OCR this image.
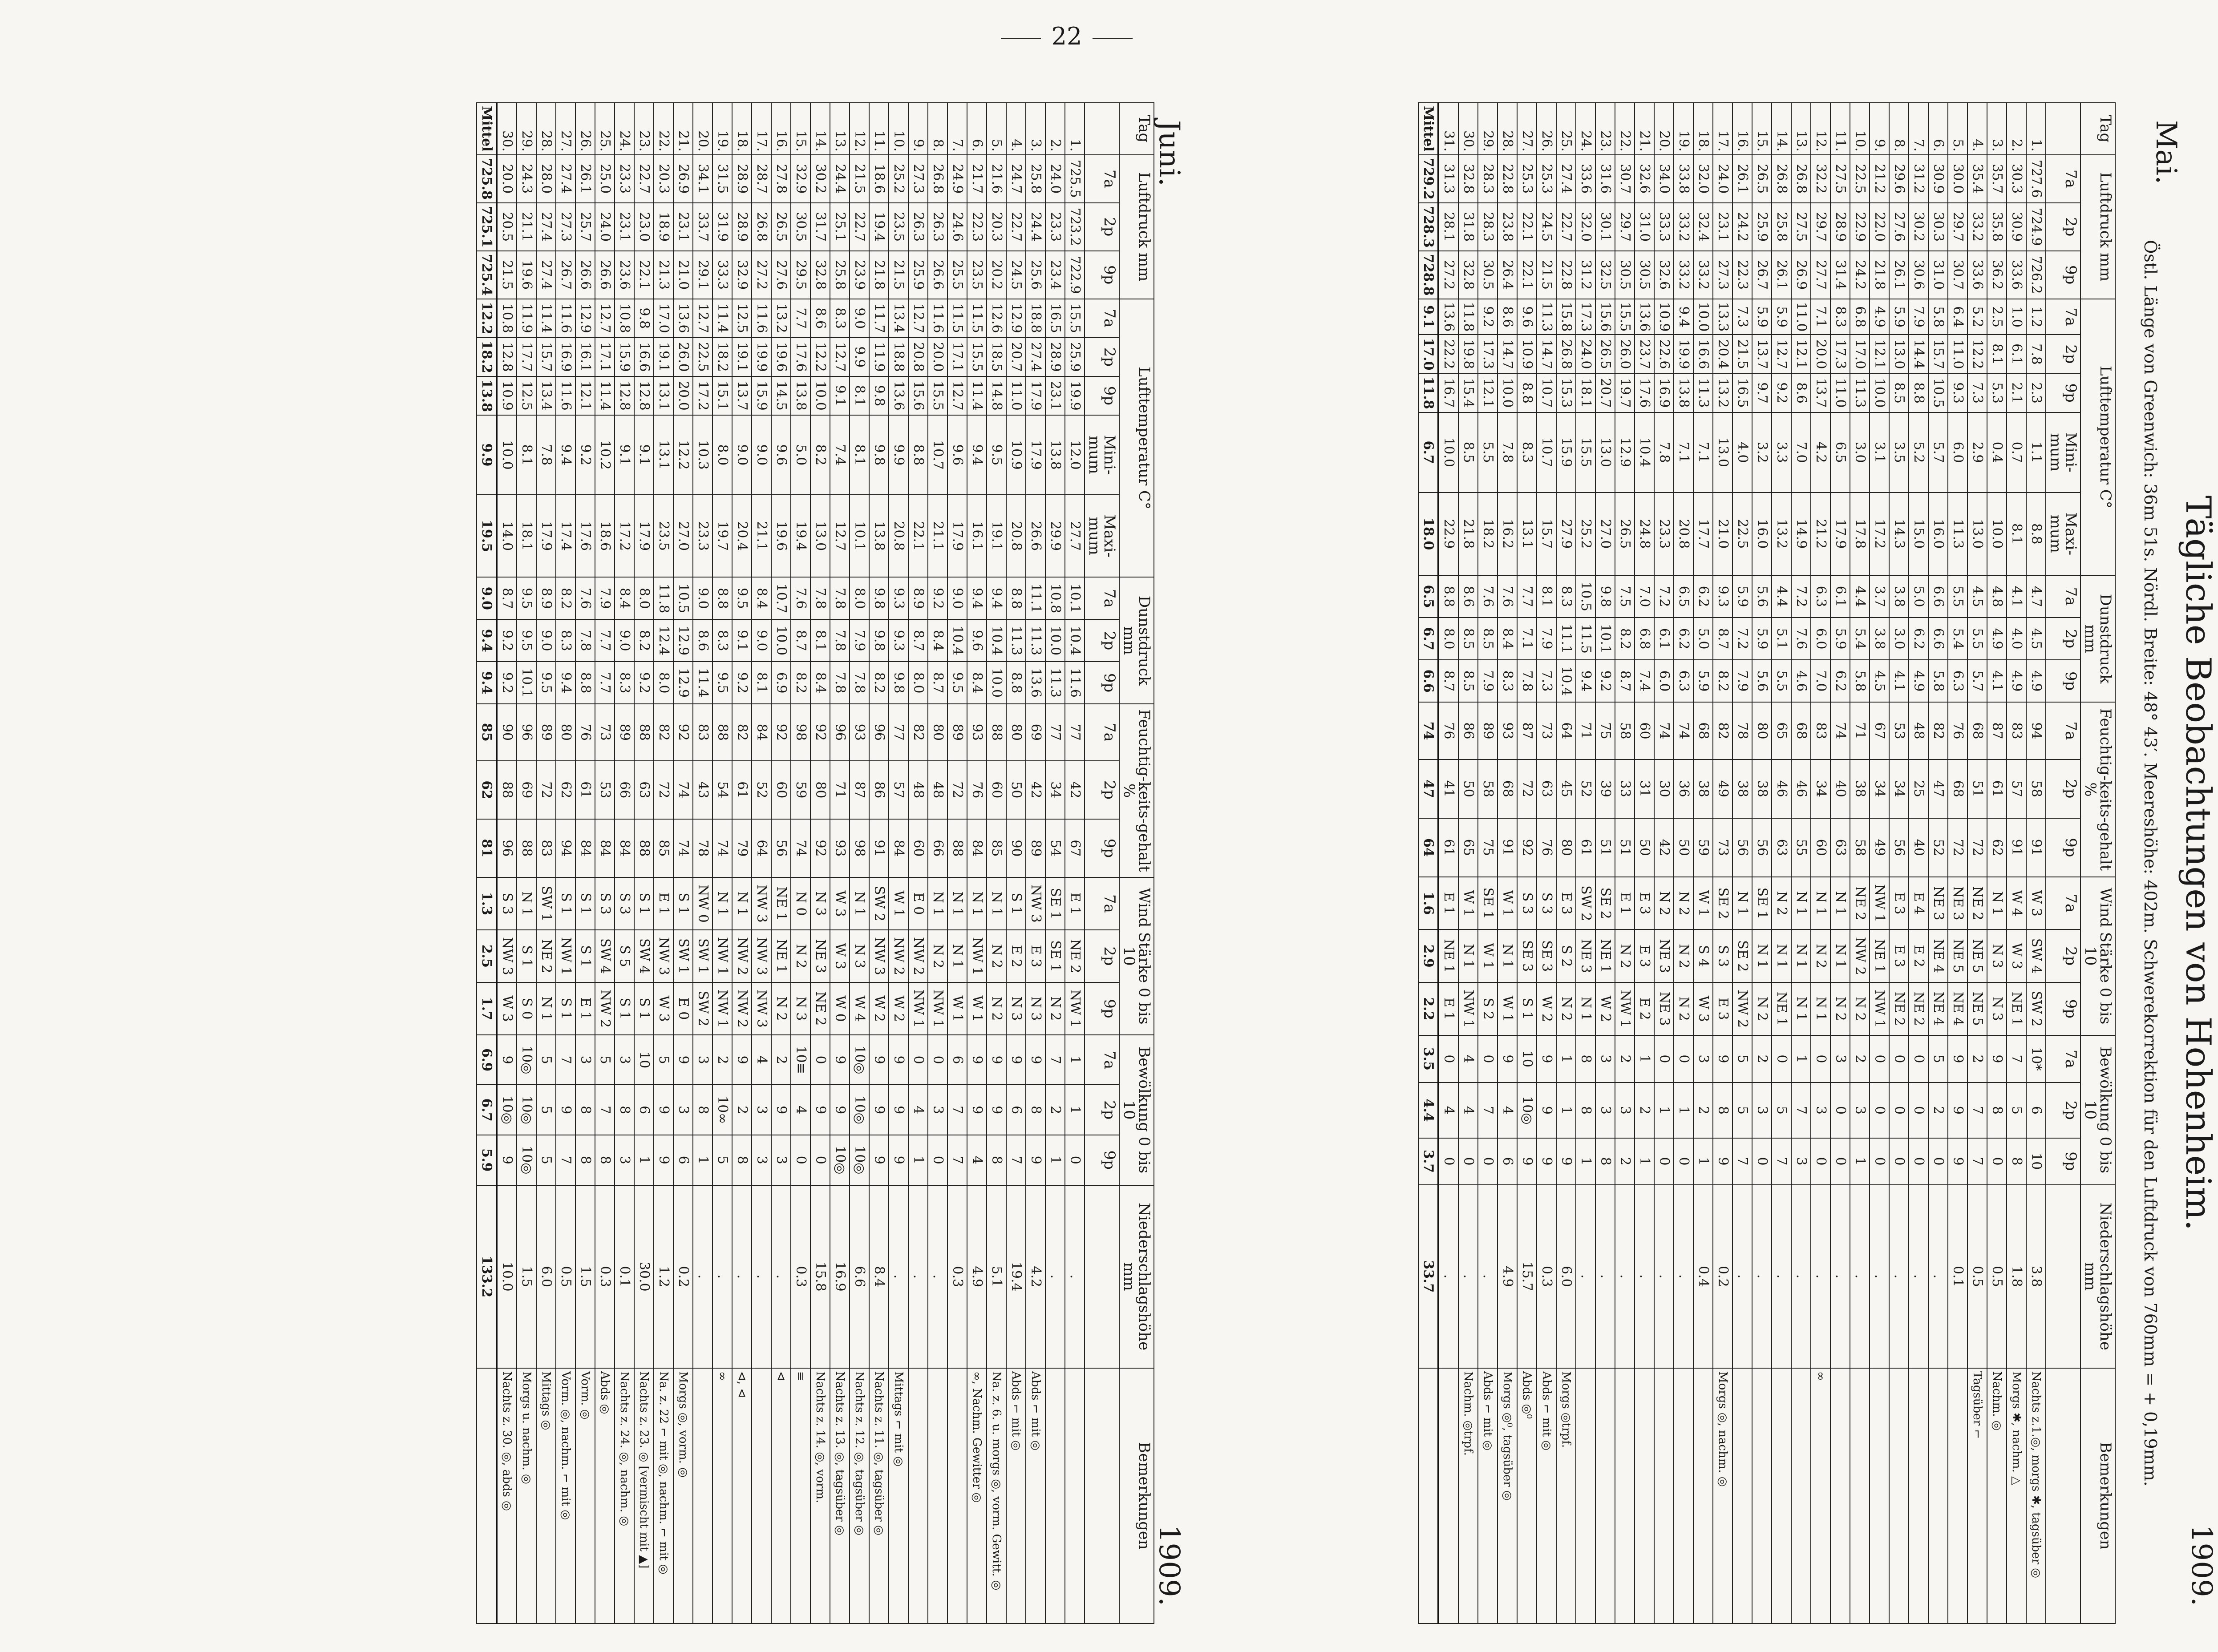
22
Tägliche Beobachtungen von Hohenheim.
Mai.
1909.
Östl. Länge von Greenwich: 36m 51s. Nördl. Breite: 48° 43′. Meereshöhe: 402m. Schwerekorrektion für den Luftdruck von 760mm = + 0,19mm.
Tag	Luftdruck mm			Lufttemperatur C°					Dunstdruck mm			Feuchtig-keits-gehalt %			Wind Stärke 0 bis 10			Bewölkung 0 bis 10			Niederschlagshöhe mm	Bemerkungen
	7a	2p	9p	7a	2p	9p	Mini-mum	Maxi-mum	7a	2p	9p	7a	2p	9p	7a	2p	9p	7a	2p	9p		
1.	727.6	724.9	726.2	1.2	7.8	2.3	1.1	8.8	4.7	4.5	4.9	94	58	91	W 3	SW 4	SW 2	10*	6	10	3.8	Nachts z.1.◎, morgs ✱, tagsüber ◎
2.	30.3	30.9	33.6	1.0	6.1	2.1	0.7	8.1	4.1	4.0	4.9	83	57	91	W 4	W 3	NE 1	7	5	8	1.8	Morgs ✱, nachm. △
3.	35.7	35.8	36.2	2.5	8.1	5.3	0.4	10.0	4.8	4.9	4.1	87	61	62	N 1	N 3	N 3	9	8	0	0.5	Nachm. ◎
4.	35.4	33.2	33.6	5.2	12.2	7.3	2.9	13.0	4.5	5.5	5.7	68	51	72	NE 2	NE 5	NE 5	2	7	7	0.5	Tagsüber ⌐
5.	30.0	29.7	30.7	6.4	11.0	9.3	6.0	11.3	5.5	5.4	6.3	76	68	72	NE 3	NE 5	NE 4	9	9	9	0.1	
6.	30.9	30.3	31.0	5.8	15.7	10.5	5.7	16.0	6.6	6.6	5.8	82	47	52	NE 3	NE 4	NE 4	5	2	0	.	
7.	31.2	30.2	30.6	7.9	14.4	8.8	5.2	15.0	5.0	6.2	4.9	48	25	40	E 4	E 2	NE 2	0	0	0	.	
8.	29.6	27.6	26.1	5.9	13.0	8.5	3.5	14.3	3.8	3.0	4.1	53	34	56	E 3	E 3	NE 2	0	0	0	.	
9.	21.2	22.0	21.8	4.9	12.1	10.0	3.1	17.2	3.7	3.8	4.5	67	34	49	NW 1	NE 1	NW 1	0	0	0	.	
10.	22.5	22.9	24.2	6.8	17.0	11.3	3.0	17.8	4.4	5.4	5.8	71	38	58	NE 2	NW 2	N 2	2	3	1	.	
11.	27.5	28.9	31.4	8.3	17.3	11.0	6.5	17.9	6.1	5.9	6.2	74	40	63	N 1	N 1	N 2	3	0	0	.	
12.	32.2	29.7	27.7	7.1	20.0	13.7	4.2	21.2	6.3	6.0	7.0	83	34	60	N 1	N 2	N 1	0	3	0	.	∞
13.	26.8	27.5	26.9	11.0	12.1	8.6	7.0	14.9	7.2	7.6	4.6	68	46	55	N 1	N 1	N 1	1	7	3	.	
14.	26.8	25.8	26.1	5.9	12.7	9.2	3.3	13.2	4.4	5.1	5.5	65	46	63	N 2	N 1	NE 1	0	5	7	.	
15.	26.5	25.9	26.7	5.9	13.7	9.7	3.2	16.0	5.6	5.9	5.6	80	38	56	SE 1	N 1	N 2	2	3	0	.	
16.	26.1	24.2	22.3	7.3	21.5	16.5	4.0	22.5	5.9	7.2	7.9	78	38	56	N 1	SE 2	NW 2	5	5	7	.	
17.	24.0	23.1	27.3	13.3	20.4	13.2	13.0	21.0	9.3	8.7	8.2	82	49	73	SE 2	S 3	E 3	9	8	9	0.2	Morgs ◎, nachm. ◎
18.	32.0	32.4	33.2	10.0	16.6	11.3	7.1	17.7	6.2	5.0	5.9	68	38	59	W 1	S 4	W 3	3	2	1	0.4	
19.	33.8	33.2	33.2	9.4	19.9	13.8	7.1	20.8	6.5	6.2	6.3	74	36	50	N 2	N 2	N 2	0	1	0	.	
20.	34.0	33.3	32.6	10.9	22.6	16.9	7.8	23.3	7.2	6.1	6.0	74	30	42	N 2	NE 3	NE 3	0	1	0	.	
21.	32.6	31.0	30.5	13.6	23.7	17.6	10.4	24.8	7.0	6.8	7.4	60	31	50	E 3	E 3	E 2	1	2	1	.	
22.	30.7	29.7	30.5	15.5	26.0	19.7	12.9	26.5	7.5	8.2	8.7	58	33	51	E 1	N 2	NW 1	2	3	2	.	
23.	31.6	30.1	32.5	15.6	26.5	20.7	13.0	27.0	9.8	10.1	9.2	75	39	51	SE 2	NE 1	W 2	3	3	8	.	
24.	33.6	32.0	31.2	17.3	24.0	18.1	15.5	25.2	10.5	11.5	9.4	71	52	61	SW 2	NE 3	N 1	8	8	1	.	
25.	27.4	22.7	22.8	15.8	26.8	15.3	15.9	27.9	8.3	11.1	10.4	64	45	80	E 3	S 2	N 2	1	1	9	6.0	Morgs ◎trpf.
26.	25.3	24.5	21.5	11.3	14.7	10.7	10.7	15.7	8.1	7.9	7.3	73	63	76	S 3	SE 3	W 2	9	9	9	0.3	Abds ⌐ mit ◎
27.	25.3	22.1	22.1	9.6	10.9	8.8	8.3	13.1	7.7	7.1	7.8	87	72	92	S 3	SE 3	S 1	10	10◎	9	15.7	Abds ◎⁰
28.	22.8	23.8	26.4	8.6	14.7	10.0	7.8	16.2	7.6	8.4	8.3	93	68	91	W 1	N 1	W 1	9	4	6	4.9	Morgs ◎⁰, tagsüber ◎
29.	28.3	28.3	30.5	9.2	17.3	12.1	5.5	18.2	7.6	8.5	7.9	89	58	75	SE 1	W 1	S 2	0	7	0	.	Abds ⌐ mit ◎
30.	32.8	31.8	32.8	11.8	19.8	15.4	8.5	21.8	8.6	8.5	8.5	86	50	65	W 1	N 1	NW 1	4	4	0	.	Nachm. ◎trpf.
31.	31.3	28.1	27.2	13.6	22.2	16.7	10.0	22.9	8.8	8.0	8.7	76	41	61	E 1	NE 1	E 1	0	4	0	.	
Mittel	729.2	728.3	728.8	9.1	17.0	11.8	6.7	18.0	6.5	6.7	6.6	74	47	64	1.6	2.9	2.2	3.5	4.4	3.7	33.7	
Juni.
1909.
Tag	Luftdruck mm			Lufttemperatur C°					Dunstdruck mm			Feuchtig-keits-gehalt %			Wind Stärke 0 bis 10			Bewölkung 0 bis 10			Niederschlagshöhe mm	Bemerkungen
	7a	2p	9p	7a	2p	9p	Mini-mum	Maxi-mum	7a	2p	9p	7a	2p	9p	7a	2p	9p	7a	2p	9p		
1.	725.5	723.2	722.9	15.5	25.9	19.9	12.0	27.7	10.1	10.4	11.6	77	42	67	E 1	NE 2	NW 1	1	1	0	.	
2.	24.0	23.3	23.4	16.5	28.9	23.1	13.8	29.9	10.8	10.0	11.3	77	34	54	SE 1	SE 1	N 2	7	2	1	.	
3.	25.8	24.4	25.6	18.8	27.4	17.9	17.9	26.6	11.1	11.3	13.6	69	42	89	NW 3	E 3	N 3	9	8	9	4.2	Abds ⌐ mit ◎
4.	24.7	22.7	24.5	12.9	20.7	11.0	10.9	20.8	8.8	11.3	8.8	80	50	90	S 1	E 2	N 3	9	6	7	19.4	Abds ⌐ mit ◎
5.	21.6	20.3	20.2	12.6	18.5	14.8	9.5	19.1	9.4	10.4	10.0	88	60	85	N 1	N 2	N 2	9	9	8	5.1	Na. z. 6. u. morgs ◎, vorm. Gewitt. ◎
6.	21.7	22.3	23.5	11.5	15.5	11.4	9.4	16.1	9.4	9.6	8.4	93	76	84	N 1	NW 1	W 1	9	9	4	4.9	∞, Nachm. Gewitter ◎
7.	24.9	24.6	25.5	11.5	17.1	12.7	9.6	17.9	9.0	10.4	9.5	89	72	88	N 1	N 1	W 1	6	7	7	0.3	
8.	26.8	26.3	26.6	11.6	20.0	15.5	10.7	21.1	9.2	8.4	8.7	80	48	66	N 1	N 2	NW 1	0	3	0	.	
9.	27.3	26.3	25.9	12.7	20.8	15.6	8.8	22.1	8.9	8.7	8.0	82	48	60	E 0	NW 2	NW 1	0	4	1	.	
10.	25.2	23.5	21.5	13.4	18.8	13.6	9.9	20.8	9.3	9.3	9.8	77	57	84	W 1	NW 2	W 2	9	9	9	.	Mittags ⌐ mit ◎
11.	18.6	19.4	21.8	11.7	11.9	9.8	9.8	13.8	9.8	9.8	8.2	96	86	91	SW 2	NW 3	W 2	9	9	9	8.4	Nachts z. 11. ◎, tagsüber ◎
12.	21.5	22.7	23.9	9.0	9.9	8.1	8.1	10.1	8.0	7.9	7.8	93	87	98	N 1	N 3	W 4	10◎	10◎	10◎	6.6	Nachts z. 12. ◎, tagsüber ◎
13.	24.4	25.1	25.8	8.3	12.7	9.1	7.4	12.7	7.8	7.8	7.8	96	71	93	W 3	W 3	W 0	9	9	10◎	16.9	Nachts z. 13. ◎, tagsüber ◎
14.	30.2	31.7	32.8	8.6	12.2	10.0	8.2	13.0	7.8	8.1	8.4	92	80	92	N 3	NE 3	NE 2	0	9	0	15.8	Nachts z. 14. ◎, vorm.
15.	32.9	30.5	29.5	7.7	17.6	13.8	5.0	19.4	7.6	8.7	8.2	98	59	74	N 0	N 2	N 3	10≡	4	0	0.3	≡
16.	27.8	26.5	27.6	13.2	19.6	14.5	9.6	19.6	10.7	10.0	6.9	92	60	56	NE 1	NE 1	N 2	2	9	3	.	⊲
17.	28.7	26.8	27.2	11.6	19.9	15.9	9.0	21.1	8.4	9.0	8.1	84	52	64	NW 3	NW 3	NW 3	4	3	3	.	
18.	28.9	28.9	32.9	12.5	19.1	13.7	9.0	20.4	9.5	9.1	9.2	82	61	79	N 1	NW 2	NW 2	9	2	8	.	⊲, ⊲
19.	31.5	31.9	33.3	11.4	18.2	15.1	8.0	19.7	8.8	8.3	9.5	88	54	74	N 1	NW 1	NW 1	2	10∞	5	.	∞
20.	34.1	33.7	29.1	12.7	22.5	17.2	10.3	23.3	9.0	8.6	11.4	83	43	78	NW 0	SW 1	SW 2	3	8	1	.	
21.	26.9	23.1	21.0	13.6	26.0	20.0	12.2	27.0	10.5	12.9	12.9	92	74	74	S 1	SW 1	E 0	9	3	6	0.2	Morgs ◎, vorm. ◎
22.	20.3	18.9	21.3	17.0	19.1	13.1	13.1	23.5	11.8	12.4	8.0	82	72	85	E 1	NW 3	W 3	5	9	9	1.2	Na. z. 22 ⌐ mit ◎, nachm. ⌐ mit ◎
23.	22.7	23.0	22.1	9.8	16.6	12.8	9.1	17.9	8.0	8.2	9.2	88	63	88	S 1	SW 4	S 1	10	6	1	30.0	Nachts z. 23. ◎ [vermischt mit ▲]
24.	23.3	23.1	23.6	10.8	15.9	12.8	9.1	17.2	8.4	9.0	8.3	89	66	84	S 3	S 5	S 1	3	8	3	0.1	Nachts z. 24. ◎, nachm. ◎
25.	25.0	24.0	26.6	12.7	17.1	11.4	10.2	18.6	7.9	7.7	7.7	73	53	84	S 3	SW 4	NW 2	5	7	8	0.3	Abds ◎
26.	26.1	25.7	26.6	12.9	16.1	12.1	9.2	17.6	7.6	7.8	8.8	76	61	84	S 1	S 1	E 1	3	8	8	1.5	Vorm. ◎
27.	27.4	27.3	26.7	11.6	16.9	11.6	9.4	17.4	8.2	8.3	9.4	80	62	94	S 1	NW 1	S 1	7	9	7	0.5	Vorm. ◎, nachm. ⌐ mit ◎
28.	28.0	27.4	27.4	11.4	15.7	13.4	7.8	17.9	8.9	9.0	9.5	89	72	83	SW 1	NE 2	N 1	5	5	5	6.0	Mittags ◎
29.	24.3	21.1	19.6	11.9	17.7	12.5	8.1	18.1	9.5	9.5	10.1	96	69	88	N 1	S 1	S 0	10◎	10◎	10◎	1.5	Morgs u. nachm. ◎
30.	20.0	20.5	21.5	10.8	12.8	10.9	10.0	14.0	8.7	9.2	9.2	90	88	96	S 3	NW 3	W 3	9	10◎	9	10.0	Nachts z. 30. ◎, abds ◎
Mittel	725.8	725.1	725.4	12.2	18.2	13.8	9.9	19.5	9.0	9.4	9.4	85	62	81	1.3	2.5	1.7	6.9	6.7	5.9	133.2	
